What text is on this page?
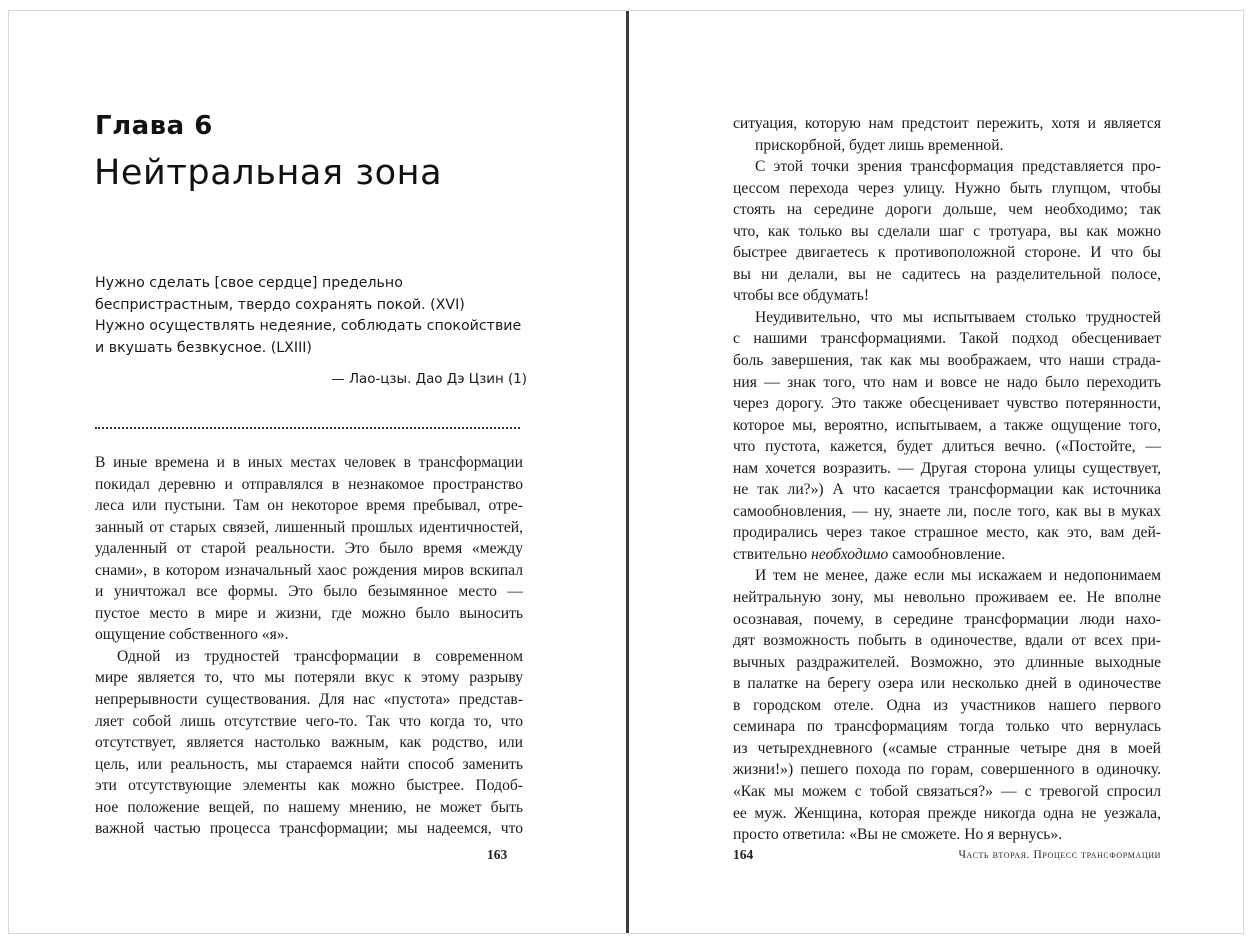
Глава 6
Нейтральная зона
Нужно сделать [свое сердце] предельно
беспристрастным, твердо сохранять покой. (XVI)
Нужно осуществлять недеяние, соблюдать спокойствие
и вкушать безвкусное. (LXIII)
— Лао-цзы. Дао Дэ Цзин (1)
В иные времена и в иных местах человек в трансформации
покидал деревню и отправлялся в незнакомое пространство
леса или пустыни. Там он некоторое время пребывал, отре-
занный от старых связей, лишенный прошлых идентичностей,
удаленный от старой реальности. Это было время «между
снами», в котором изначальный хаос рождения миров вскипал
и уничтожал все формы. Это было безымянное место —
пустое место в мире и жизни, где можно было выносить
ощущение собственного «я».
Одной из трудностей трансформации в современном
мире является то, что мы потеряли вкус к этому разрыву
непрерывности существования. Для нас «пустота» представ-
ляет собой лишь отсутствие чего-то. Так что когда то, что
отсутствует, является настолько важным, как родство, или
цель, или реальность, мы стараемся найти способ заменить
эти отсутствующие элементы как можно быстрее. Подоб-
ное положение вещей, по нашему мнению, не может быть
важной частью процесса трансформации; мы надеемся, что
163
ситуация, которую нам предстоит пережить, хотя и является
прискорбной, будет лишь временной.
С этой точки зрения трансформация представляется про-
цессом перехода через улицу. Нужно быть глупцом, чтобы
стоять на середине дороги дольше, чем необходимо; так
что, как только вы сделали шаг с тротуара, вы как можно
быстрее двигаетесь к противоположной стороне. И что бы
вы ни делали, вы не садитесь на разделительной полосе,
чтобы все обдумать!
Неудивительно, что мы испытываем столько трудностей
с нашими трансформациями. Такой подход обесценивает
боль завершения, так как мы воображаем, что наши страда-
ния — знак того, что нам и вовсе не надо было переходить
через дорогу. Это также обесценивает чувство потерянности,
которое мы, вероятно, испытываем, а также ощущение того,
что пустота, кажется, будет длиться вечно. («Постойте, —
нам хочется возразить. — Другая сторона улицы существует,
не так ли?») А что касается трансформации как источника
самообновления, — ну, знаете ли, после того, как вы в муках
продирались через такое страшное место, как это, вам дей-
ствительно необходимо самообновление.
И тем не менее, даже если мы искажаем и недопонимаем
нейтральную зону, мы невольно проживаем ее. Не вполне
осознавая, почему, в середине трансформации люди нахо-
дят возможность побыть в одиночестве, вдали от всех при-
вычных раздражителей. Возможно, это длинные выходные
в палатке на берегу озера или несколько дней в одиночестве
в городском отеле. Одна из участников нашего первого
семинара по трансформациям тогда только что вернулась
из четырехдневного («самые странные четыре дня в моей
жизни!») пешего похода по горам, совершенного в одиночку.
«Как мы можем с тобой связаться?» — с тревогой спросил
ее муж. Женщина, которая прежде никогда одна не уезжала,
просто ответила: «Вы не сможете. Но я вернусь».
164	Часть вторая. Процесс трансформации
